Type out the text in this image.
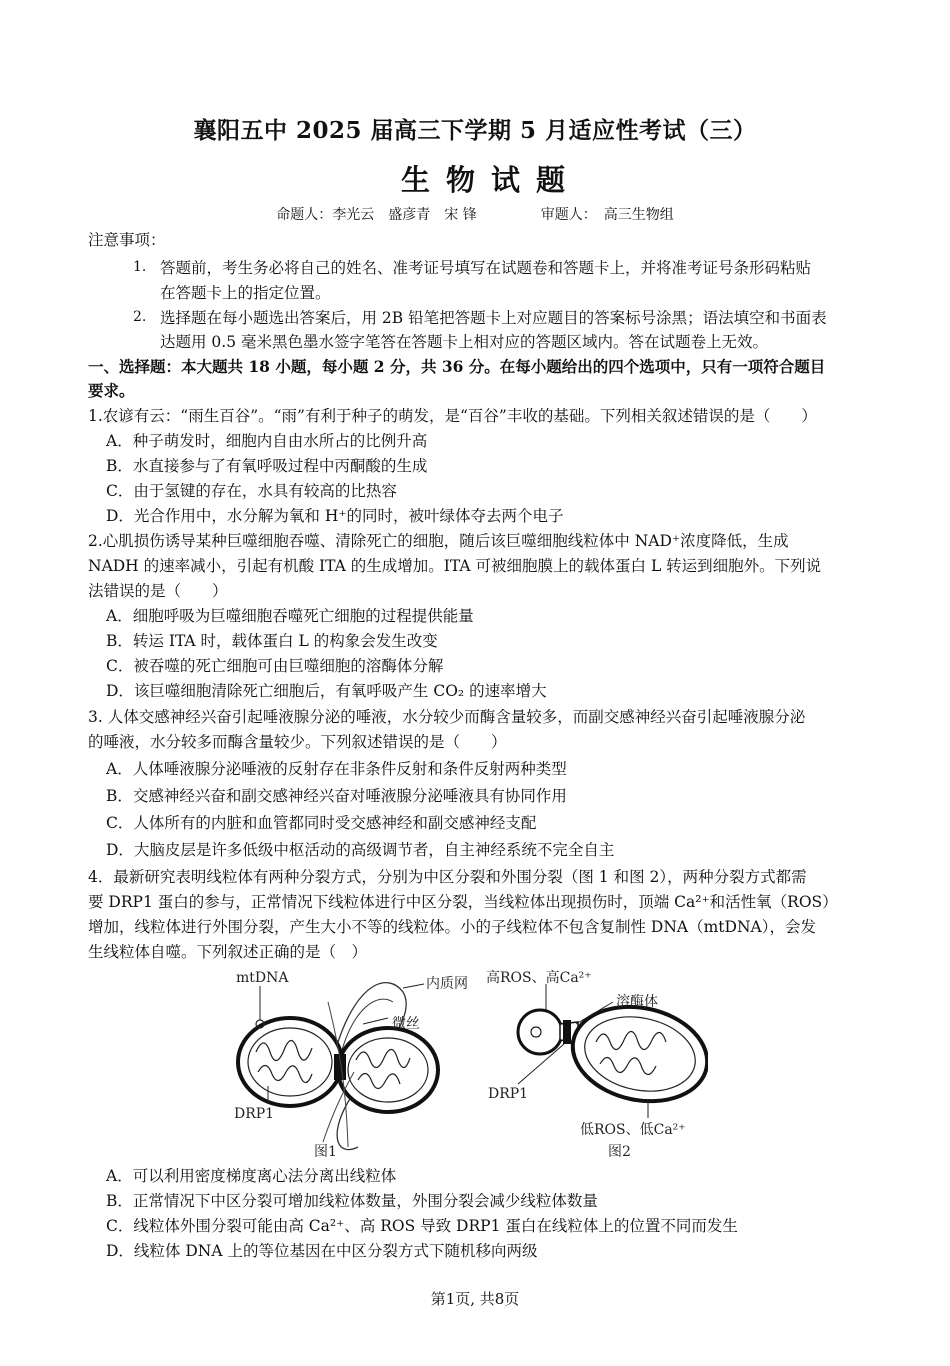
襄阳五中 2025 届高三下学期 5 月适应性考试（三）
生物试题
命题人：李光云　盛彦青　宋 锋	审题人：　高三生物组
注意事项：
1. 答题前，考生务必将自己的姓名、准考证号填写在试题卷和答题卡上，并将准考证号条形码粘贴
在答题卡上的指定位置。
2. 选择题在每小题选出答案后，用 2B 铅笔把答题卡上对应题目的答案标号涂黑；语法填空和书面表
达题用 0.5 毫米黑色墨水签字笔答在答题卡上相对应的答题区域内。答在试题卷上无效。
一、选择题：本大题共 18 小题，每小题 2 分，共 36 分。在每小题给出的四个选项中，只有一项符合题目
要求。
1.农谚有云：“雨生百谷”。“雨”有利于种子的萌发，是“百谷”丰收的基础。下列相关叙述错误的是（　　）
A．种子萌发时，细胞内自由水所占的比例升高
B．水直接参与了有氧呼吸过程中丙酮酸的生成
C．由于氢键的存在，水具有较高的比热容
D．光合作用中，水分解为氧和 H⁺的同时，被叶绿体夺去两个电子
2.心肌损伤诱导某种巨噬细胞吞噬、清除死亡的细胞，随后该巨噬细胞线粒体中 NAD⁺浓度降低，生成
NADH 的速率减小，引起有机酸 ITA 的生成增加。ITA 可被细胞膜上的载体蛋白 L 转运到细胞外。下列说
法错误的是（　　）
A．细胞呼吸为巨噬细胞吞噬死亡细胞的过程提供能量
B．转运 ITA 时，载体蛋白 L 的构象会发生改变
C．被吞噬的死亡细胞可由巨噬细胞的溶酶体分解
D．该巨噬细胞清除死亡细胞后，有氧呼吸产生 CO₂ 的速率增大
3. 人体交感神经兴奋引起唾液腺分泌的唾液，水分较少而酶含量较多，而副交感神经兴奋引起唾液腺分泌
的唾液，水分较多而酶含量较少。下列叙述错误的是（　　）
A．人体唾液腺分泌唾液的反射存在非条件反射和条件反射两种类型
B．交感神经兴奋和副交感神经兴奋对唾液腺分泌唾液具有协同作用
C．人体所有的内脏和血管都同时受交感神经和副交感神经支配
D．大脑皮层是许多低级中枢活动的高级调节者，自主神经系统不完全自主
4．最新研究表明线粒体有两种分裂方式，分别为中区分裂和外围分裂（图 1 和图 2），两种分裂方式都需
要 DRP1 蛋白的参与，正常情况下线粒体进行中区分裂，当线粒体出现损伤时，顶端 Ca²⁺和活性氧（ROS）
增加，线粒体进行外围分裂，产生大小不等的线粒体。小的子线粒体不包含复制性 DNA（mtDNA），会发
生线粒体自噬。下列叙述正确的是（　）
mtDNA	内质网
微丝
DRP1
图1
高ROS、高Ca²⁺
溶酶体
DRP1
低ROS、低Ca²⁺
图2
A．可以利用密度梯度离心法分离出线粒体
B．正常情况下中区分裂可增加线粒体数量，外围分裂会减少线粒体数量
C．线粒体外围分裂可能由高 Ca²⁺、高 ROS 导致 DRP1 蛋白在线粒体上的位置不同而发生
D．线粒体 DNA 上的等位基因在中区分裂方式下随机移向两级
第1页, 共8页
